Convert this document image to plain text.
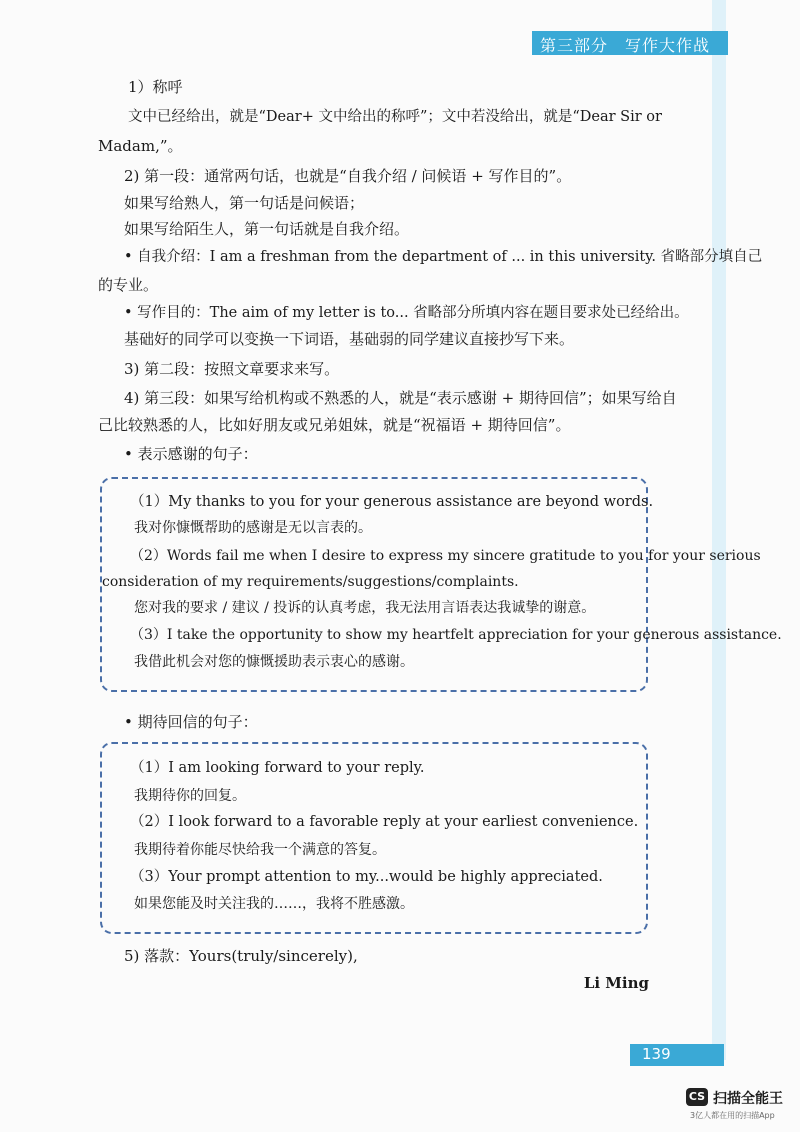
第三部分　写作大作战
1）称呼
文中已经给出，就是“Dear+ 文中给出的称呼”；文中若没给出，就是“Dear Sir or
Madam,”。
2) 第一段：通常两句话，也就是“自我介绍 / 问候语 + 写作目的”。
如果写给熟人，第一句话是问候语；
如果写给陌生人，第一句话就是自我介绍。
• 自我介绍：I am a freshman from the department of ... in this university. 省略部分填自己
的专业。
• 写作目的：The aim of my letter is to... 省略部分所填内容在题目要求处已经给出。
基础好的同学可以变换一下词语，基础弱的同学建议直接抄写下来。
3) 第二段：按照文章要求来写。
4) 第三段：如果写给机构或不熟悉的人，就是“表示感谢 + 期待回信”；如果写给自
己比较熟悉的人，比如好朋友或兄弟姐妹，就是“祝福语 + 期待回信”。
• 表示感谢的句子：
（1）My thanks to you for your generous assistance are beyond words.
我对你慷慨帮助的感谢是无以言表的。
（2）Words fail me when I desire to express my sincere gratitude to you for your serious
consideration of my requirements/suggestions/complaints.
您对我的要求 / 建议 / 投诉的认真考虑，我无法用言语表达我诚挚的谢意。
（3）I take the opportunity to show my heartfelt appreciation for your generous assistance.
我借此机会对您的慷慨援助表示衷心的感谢。
• 期待回信的句子：
（1）I am looking forward to your reply.
我期待你的回复。
（2）I look forward to a favorable reply at your earliest convenience.
我期待着你能尽快给我一个满意的答复。
（3）Your prompt attention to my...would be highly appreciated.
如果您能及时关注我的……，我将不胜感激。
5) 落款：Yours(truly/sincerely),
Li Ming
139
CS 扫描全能王
3亿人都在用的扫描App
